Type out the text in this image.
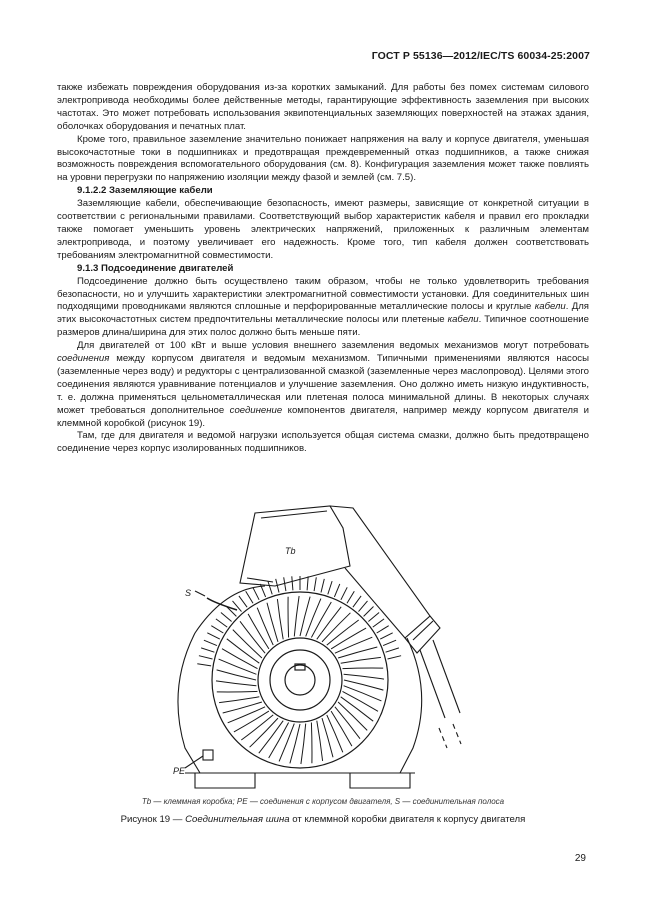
ГОСТ Р 55136—2012/IEC/TS 60034-25:2007

также избежать повреждения оборудования из-за коротких замыканий. Для работы без помех системам силового электропривода необходимы более действенные методы, гарантирующие эффективность заземления при высоких частотах. Это может потребовать использования эквипотенциальных заземляющих поверхностей на этажах здания, оболочках оборудования и печатных плат.

Кроме того, правильное заземление значительно понижает напряжения на валу и корпусе двигателя, уменьшая высокочастотные токи в подшипниках и предотвращая преждевременный отказ подшипников, а также снижая возможность повреждения вспомогательного оборудования (см. 8). Конфигурация заземления может также повлиять на уровни перегрузки по напряжению изоляции между фазой и землей (см. 7.5).

9.1.2.2 Заземляющие кабели

Заземляющие кабели, обеспечивающие безопасность, имеют размеры, зависящие от конкретной ситуации в соответствии с региональными правилами. Соответствующий выбор характеристик кабеля и правил его прокладки также помогает уменьшить уровень электрических напряжений, приложенных к различным элементам электропривода, и поэтому увеличивает его надежность. Кроме того, тип кабеля должен соответствовать требованиям электромагнитной совместимости.

9.1.3 Подсоединение двигателей

Подсоединение должно быть осуществлено таким образом, чтобы не только удовлетворить требования безопасности, но и улучшить характеристики электромагнитной совместимости установки. Для соединительных шин подходящими проводниками являются сплошные и перфорированные металлические полосы и круглые кабели. Для этих высокочастотных систем предпочтительны металлические полосы или плетеные кабели. Типичное соотношение размеров длина/ширина для этих полос должно быть меньше пяти.

Для двигателей от 100 кВт и выше условия внешнего заземления ведомых механизмов могут потребовать соединения между корпусом двигателя и ведомым механизмом. Типичными применениями являются насосы (заземленные через воду) и редукторы с централизованной смазкой (заземленные через маслопровод). Целями этого соединения являются уравнивание потенциалов и улучшение заземления. Оно должно иметь низкую индуктивность, т. е. должна применяться цельнометаллическая или плетеная полоса минимальной длины. В некоторых случаях может требоваться дополнительное соединение компонентов двигателя, например между корпусом двигателя и клеммной коробкой (рисунок 19).

Там, где для двигателя и ведомой нагрузки используется общая система смазки, должно быть предотвращено соединение через корпус изолированных подшипников.

Tb
S
PE
Tb — клеммная коробка; PE — соединения с корпусом двигателя, S — соединительная полоса
Рисунок 19 — Соединительная шина от клеммной коробки двигателя к корпусу двигателя
29
